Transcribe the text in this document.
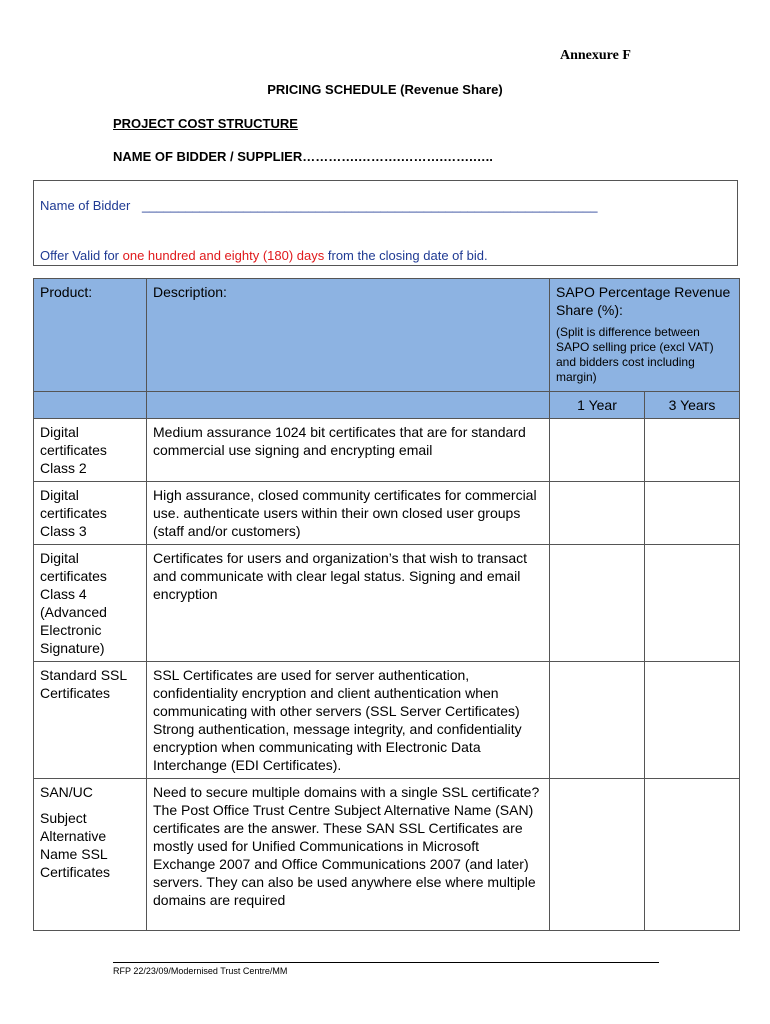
Annexure F
PRICING SCHEDULE (Revenue Share)
PROJECT COST STRUCTURE
NAME OF BIDDER / SUPPLIER………….……….……….…….…..
Name of Bidder _______________________________________________________________
Offer Valid for one hundred and eighty (180) days from the closing date of bid.
Product:	Description:	SAPO Percentage Revenue Share (%):
(Split is difference between SAPO selling price (excl VAT) and bidders cost including margin)	

		1 Year	3 Years
Digital certificates Class 2	Medium assurance 1024 bit certificates that are for standard commercial use signing and encrypting email		
Digital certificates Class 3	High assurance, closed community certificates for commercial use. authenticate users within their own closed user groups (staff and/or customers)		
Digital certificates Class 4 (Advanced Electronic Signature)	Certificates for users and organization’s that wish to transact and communicate with clear legal status. Signing and email encryption		
Standard SSL Certificates	SSL Certificates are used for server authentication, confidentiality encryption and client authentication when communicating with other servers (SSL Server Certificates) Strong authentication, message integrity, and confidentiality encryption when communicating with Electronic Data Interchange (EDI Certificates).		

SAN/UC
Subject Alternative Name SSL Certificates	Need to secure multiple domains with a single SSL certificate? The Post Office Trust Centre Subject Alternative Name (SAN) certificates are the answer. These SAN SSL Certificates are mostly used for Unified Communications in Microsoft Exchange 2007 and Office Communications 2007 (and later) servers. They can also be used anywhere else where multiple domains are required		
RFP 22/23/09/Modernised Trust Centre/MM
